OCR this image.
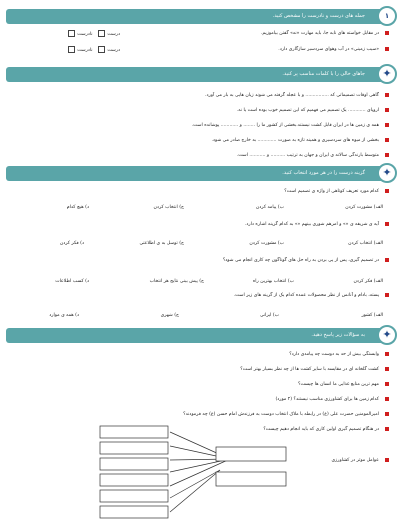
۱
جمله های درست و نادرست را مشخص کنید.
در مقابل خواسته های نابه جا، باید مهارت «نه» گفتن بیاموزیم.
«سیب زمینی» در آب وهوای سردسیر سازگاری دارد.
درست    نادرست
درست    نادرست
✦
جاهای خالی را با کلمات مناسب پر کنید.
گاهی اوقات تصمیماتی که ................ و با عجله گرفته می شوند زیان هایی به بار می آورد.
اروپای ............ یک تصمیم می فهمیم که این تصمیم خوب بوده است یا نه.
همه ی زمین ها در ایران قابل کشت نیستند.بخشی از کشور ما را ........ و ............ پوشانده است.
بخشی از میوه های سردسیری و همینه تازه به صورت ............. به خارج صادر می شود.
متوسط بارندگی سالانه ی ایران و جهان به ترتیب .......... و ........... است.
✦
گزینه درست را در هر مورد انتخاب کنید.
کدام مورد تعریف کوتاهی از واژه ی تصمیم است؟
الف) مشورت کردن
ب) پیامد کردن
ج) انتخاب کردن
د) هیچ کدام
آیه ی شریفه ی «» و امرهم شوری بینهم «» به کدام گزینه اشاره دارد.
الف) انتخاب کردن
ب) مشورت کردن
ج) توسل به ی اطلاعتی
د) فکر کردن
در تصمیم گیری، پس از پی بردن به راه حل های گوناگون چه کاری انجام می شود؟
الف) فکر کردن
ب) انتخاب بهترین راه
ج) پیش بینی نتایج هر انتخاب
د) کسب اطلاعات
پسته، بادام و آنانس از نظر محصولات عمده کدام یک از گزینه های زیر است.
الف) کشور
ب) ایرانی
ج) شهری
د) همه ی موارد
✦
به سؤالات زیر پاسخ دهید.
وابستگی بیش از حد به دوست چه پیامدی دارد؟
کشت گلخانه ای در مقایسه با سایر کشت ها از چه نظر بسیار بهتر است؟
مهم ترین منابع غذایی ما انسان ها چیست؟
کدام زمین ها برای کشاورزی مناسب نیستند؟ (۲ مورد)
امیرالمومنین حضرت علی (ع) در رابطه با ملاک انتخاب دوست به فرزندش امام حسن (ع) چه فرمودند؟
در هنگام تصمیم گیری اولین کاری که باید انجام دهیم چیست؟
عوامل موثر در کشاورزی
